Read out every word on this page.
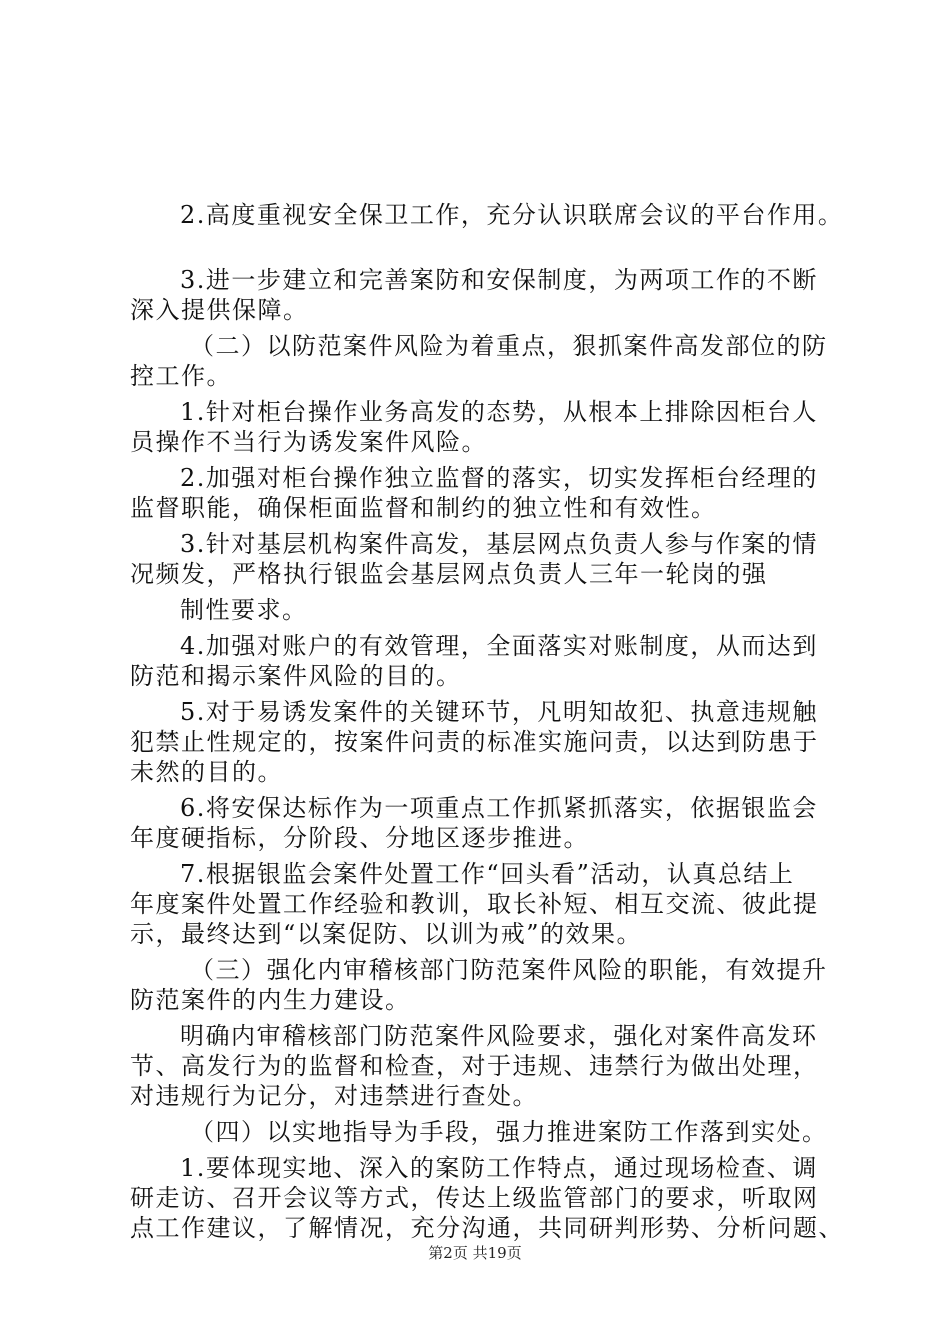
2.高度重视安全保卫工作，充分认识联席会议的平台作用。
3.进一步建立和完善案防和安保制度，为两项工作的不断
深入提供保障。
（二）以防范案件风险为着重点，狠抓案件高发部位的防
控工作。
1.针对柜台操作业务高发的态势，从根本上排除因柜台人
员操作不当行为诱发案件风险。
2.加强对柜台操作独立监督的落实，切实发挥柜台经理的
监督职能，确保柜面监督和制约的独立性和有效性。
3.针对基层机构案件高发，基层网点负责人参与作案的情
况频发，严格执行银监会基层网点负责人三年一轮岗的强
制性要求。
4.加强对账户的有效管理，全面落实对账制度，从而达到
防范和揭示案件风险的目的。
5.对于易诱发案件的关键环节，凡明知故犯、执意违规触
犯禁止性规定的，按案件问责的标准实施问责，以达到防患于
未然的目的。
6.将安保达标作为一项重点工作抓紧抓落实，依据银监会
年度硬指标，分阶段、分地区逐步推进。
7.根据银监会案件处置工作“回头看”活动，认真总结上
年度案件处置工作经验和教训，取长补短、相互交流、彼此提
示，最终达到“以案促防、以训为戒”的效果。
（三）强化内审稽核部门防范案件风险的职能，有效提升
防范案件的内生力建设。
明确内审稽核部门防范案件风险要求，强化对案件高发环
节、高发行为的监督和检查，对于违规、违禁行为做出处理，
对违规行为记分，对违禁进行查处。
（四）以实地指导为手段，强力推进案防工作落到实处。
1.要体现实地、深入的案防工作特点，通过现场检查、调
研走访、召开会议等方式，传达上级监管部门的要求，听取网
点工作建议，了解情况，充分沟通，共同研判形势、分析问题、
第2页 共19页
